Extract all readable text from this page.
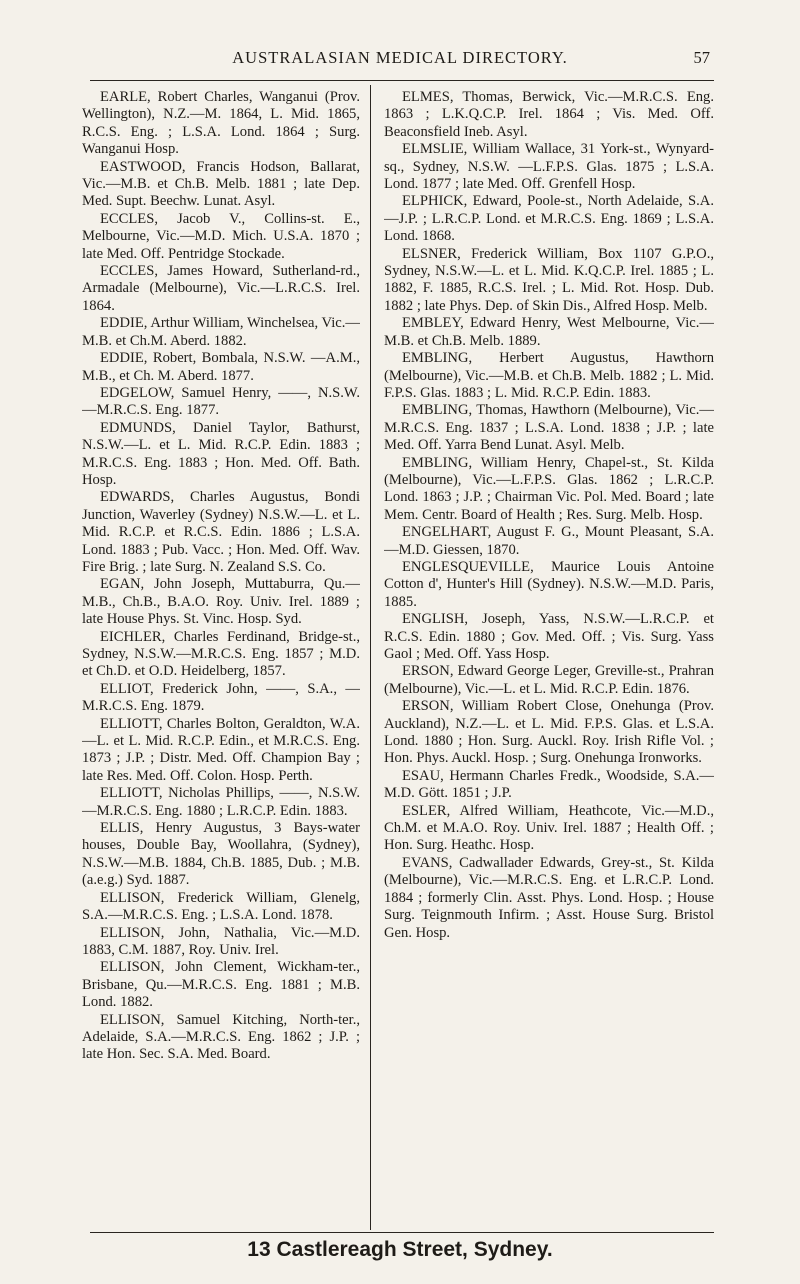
AUSTRALASIAN MEDICAL DIRECTORY.	57

EARLE, Robert Charles, Wanganui (Prov. Wellington), N.Z.—M. 1864, L. Mid. 1865, R.C.S. Eng. ; L.S.A. Lond. 1864 ; Surg. Wanganui Hosp.

EASTWOOD, Francis Hodson, Ballarat, Vic.—M.B. et Ch.B. Melb. 1881 ; late Dep. Med. Supt. Beechw. Lunat. Asyl.

ECCLES, Jacob V., Collins-st. E., Melbourne, Vic.—M.D. Mich. U.S.A. 1870 ; late Med. Off. Pentridge Stockade.

ECCLES, James Howard, Sutherland-rd., Armadale (Melbourne), Vic.—L.R.C.S. Irel. 1864.

EDDIE, Arthur William, Winchelsea, Vic.—M.B. et Ch.M. Aberd. 1882.

EDDIE, Robert, Bombala, N.S.W. —A.M., M.B., et Ch. M. Aberd. 1877.

EDGELOW, Samuel Henry, ——, N.S.W.—M.R.C.S. Eng. 1877.

EDMUNDS, Daniel Taylor, Bathurst, N.S.W.—L. et L. Mid. R.C.P. Edin. 1883 ; M.R.C.S. Eng. 1883 ; Hon. Med. Off. Bath. Hosp.

EDWARDS, Charles Augustus, Bondi Junction, Waverley (Sydney) N.S.W.—L. et L. Mid. R.C.P. et R.C.S. Edin. 1886 ; L.S.A. Lond. 1883 ; Pub. Vacc. ; Hon. Med. Off. Wav. Fire Brig. ; late Surg. N. Zealand S.S. Co.

EGAN, John Joseph, Muttaburra, Qu.—M.B., Ch.B., B.A.O. Roy. Univ. Irel. 1889 ; late House Phys. St. Vinc. Hosp. Syd.

EICHLER, Charles Ferdinand, Bridge-st., Sydney, N.S.W.—M.R.C.S. Eng. 1857 ; M.D. et Ch.D. et O.D. Heidelberg, 1857.

ELLIOT, Frederick John, ——, S.A., —M.R.C.S. Eng. 1879.

ELLIOTT, Charles Bolton, Geraldton, W.A.—L. et L. Mid. R.C.P. Edin., et M.R.C.S. Eng. 1873 ; J.P. ; Distr. Med. Off. Champion Bay ; late Res. Med. Off. Colon. Hosp. Perth.

ELLIOTT, Nicholas Phillips, ——, N.S.W.—M.R.C.S. Eng. 1880 ; L.R.C.P. Edin. 1883.

ELLIS, Henry Augustus, 3 Bays-water houses, Double Bay, Woollahra, (Sydney), N.S.W.—M.B. 1884, Ch.B. 1885, Dub. ; M.B. (a.e.g.) Syd. 1887.

ELLISON, Frederick William, Glenelg, S.A.—M.R.C.S. Eng. ; L.S.A. Lond. 1878.

ELLISON, John, Nathalia, Vic.—M.D. 1883, C.M. 1887, Roy. Univ. Irel.

ELLISON, John Clement, Wickham-ter., Brisbane, Qu.—M.R.C.S. Eng. 1881 ; M.B. Lond. 1882.

ELLISON, Samuel Kitching, North-ter., Adelaide, S.A.—M.R.C.S. Eng. 1862 ; J.P. ; late Hon. Sec. S.A. Med. Board.

ELMES, Thomas, Berwick, Vic.—M.R.C.S. Eng. 1863 ; L.K.Q.C.P. Irel. 1864 ; Vis. Med. Off. Beaconsfield Ineb. Asyl.

ELMSLIE, William Wallace, 31 York-st., Wynyard-sq., Sydney, N.S.W. —L.F.P.S. Glas. 1875 ; L.S.A. Lond. 1877 ; late Med. Off. Grenfell Hosp.

ELPHICK, Edward, Poole-st., North Adelaide, S.A.—J.P. ; L.R.C.P. Lond. et M.R.C.S. Eng. 1869 ; L.S.A. Lond. 1868.

ELSNER, Frederick William, Box 1107 G.P.O., Sydney, N.S.W.—L. et L. Mid. K.Q.C.P. Irel. 1885 ; L. 1882, F. 1885, R.C.S. Irel. ; L. Mid. Rot. Hosp. Dub. 1882 ; late Phys. Dep. of Skin Dis., Alfred Hosp. Melb.

EMBLEY, Edward Henry, West Melbourne, Vic.—M.B. et Ch.B. Melb. 1889.

EMBLING, Herbert Augustus, Hawthorn (Melbourne), Vic.—M.B. et Ch.B. Melb. 1882 ; L. Mid. F.P.S. Glas. 1883 ; L. Mid. R.C.P. Edin. 1883.

EMBLING, Thomas, Hawthorn (Melbourne), Vic.—M.R.C.S. Eng. 1837 ; L.S.A. Lond. 1838 ; J.P. ; late Med. Off. Yarra Bend Lunat. Asyl. Melb.

EMBLING, William Henry, Chapel-st., St. Kilda (Melbourne), Vic.—L.F.P.S. Glas. 1862 ; L.R.C.P. Lond. 1863 ; J.P. ; Chairman Vic. Pol. Med. Board ; late Mem. Centr. Board of Health ; Res. Surg. Melb. Hosp.

ENGELHART, August F. G., Mount Pleasant, S.A.—M.D. Giessen, 1870.

ENGLESQUEVILLE, Maurice Louis Antoine Cotton d', Hunter's Hill (Sydney). N.S.W.—M.D. Paris, 1885.

ENGLISH, Joseph, Yass, N.S.W.—L.R.C.P. et R.C.S. Edin. 1880 ; Gov. Med. Off. ; Vis. Surg. Yass Gaol ; Med. Off. Yass Hosp.

ERSON, Edward George Leger, Greville-st., Prahran (Melbourne), Vic.—L. et L. Mid. R.C.P. Edin. 1876.

ERSON, William Robert Close, Onehunga (Prov. Auckland), N.Z.—L. et L. Mid. F.P.S. Glas. et L.S.A. Lond. 1880 ; Hon. Surg. Auckl. Roy. Irish Rifle Vol. ; Hon. Phys. Auckl. Hosp. ; Surg. Onehunga Ironworks.

ESAU, Hermann Charles Fredk., Woodside, S.A.—M.D. Gött. 1851 ; J.P.

ESLER, Alfred William, Heathcote, Vic.—M.D., Ch.M. et M.A.O. Roy. Univ. Irel. 1887 ; Health Off. ; Hon. Surg. Heathc. Hosp.

EVANS, Cadwallader Edwards, Grey-st., St. Kilda (Melbourne), Vic.—M.R.C.S. Eng. et L.R.C.P. Lond. 1884 ; formerly Clin. Asst. Phys. Lond. Hosp. ; House Surg. Teignmouth Infirm. ; Asst. House Surg. Bristol Gen. Hosp.

13 Castlereagh Street, Sydney.
